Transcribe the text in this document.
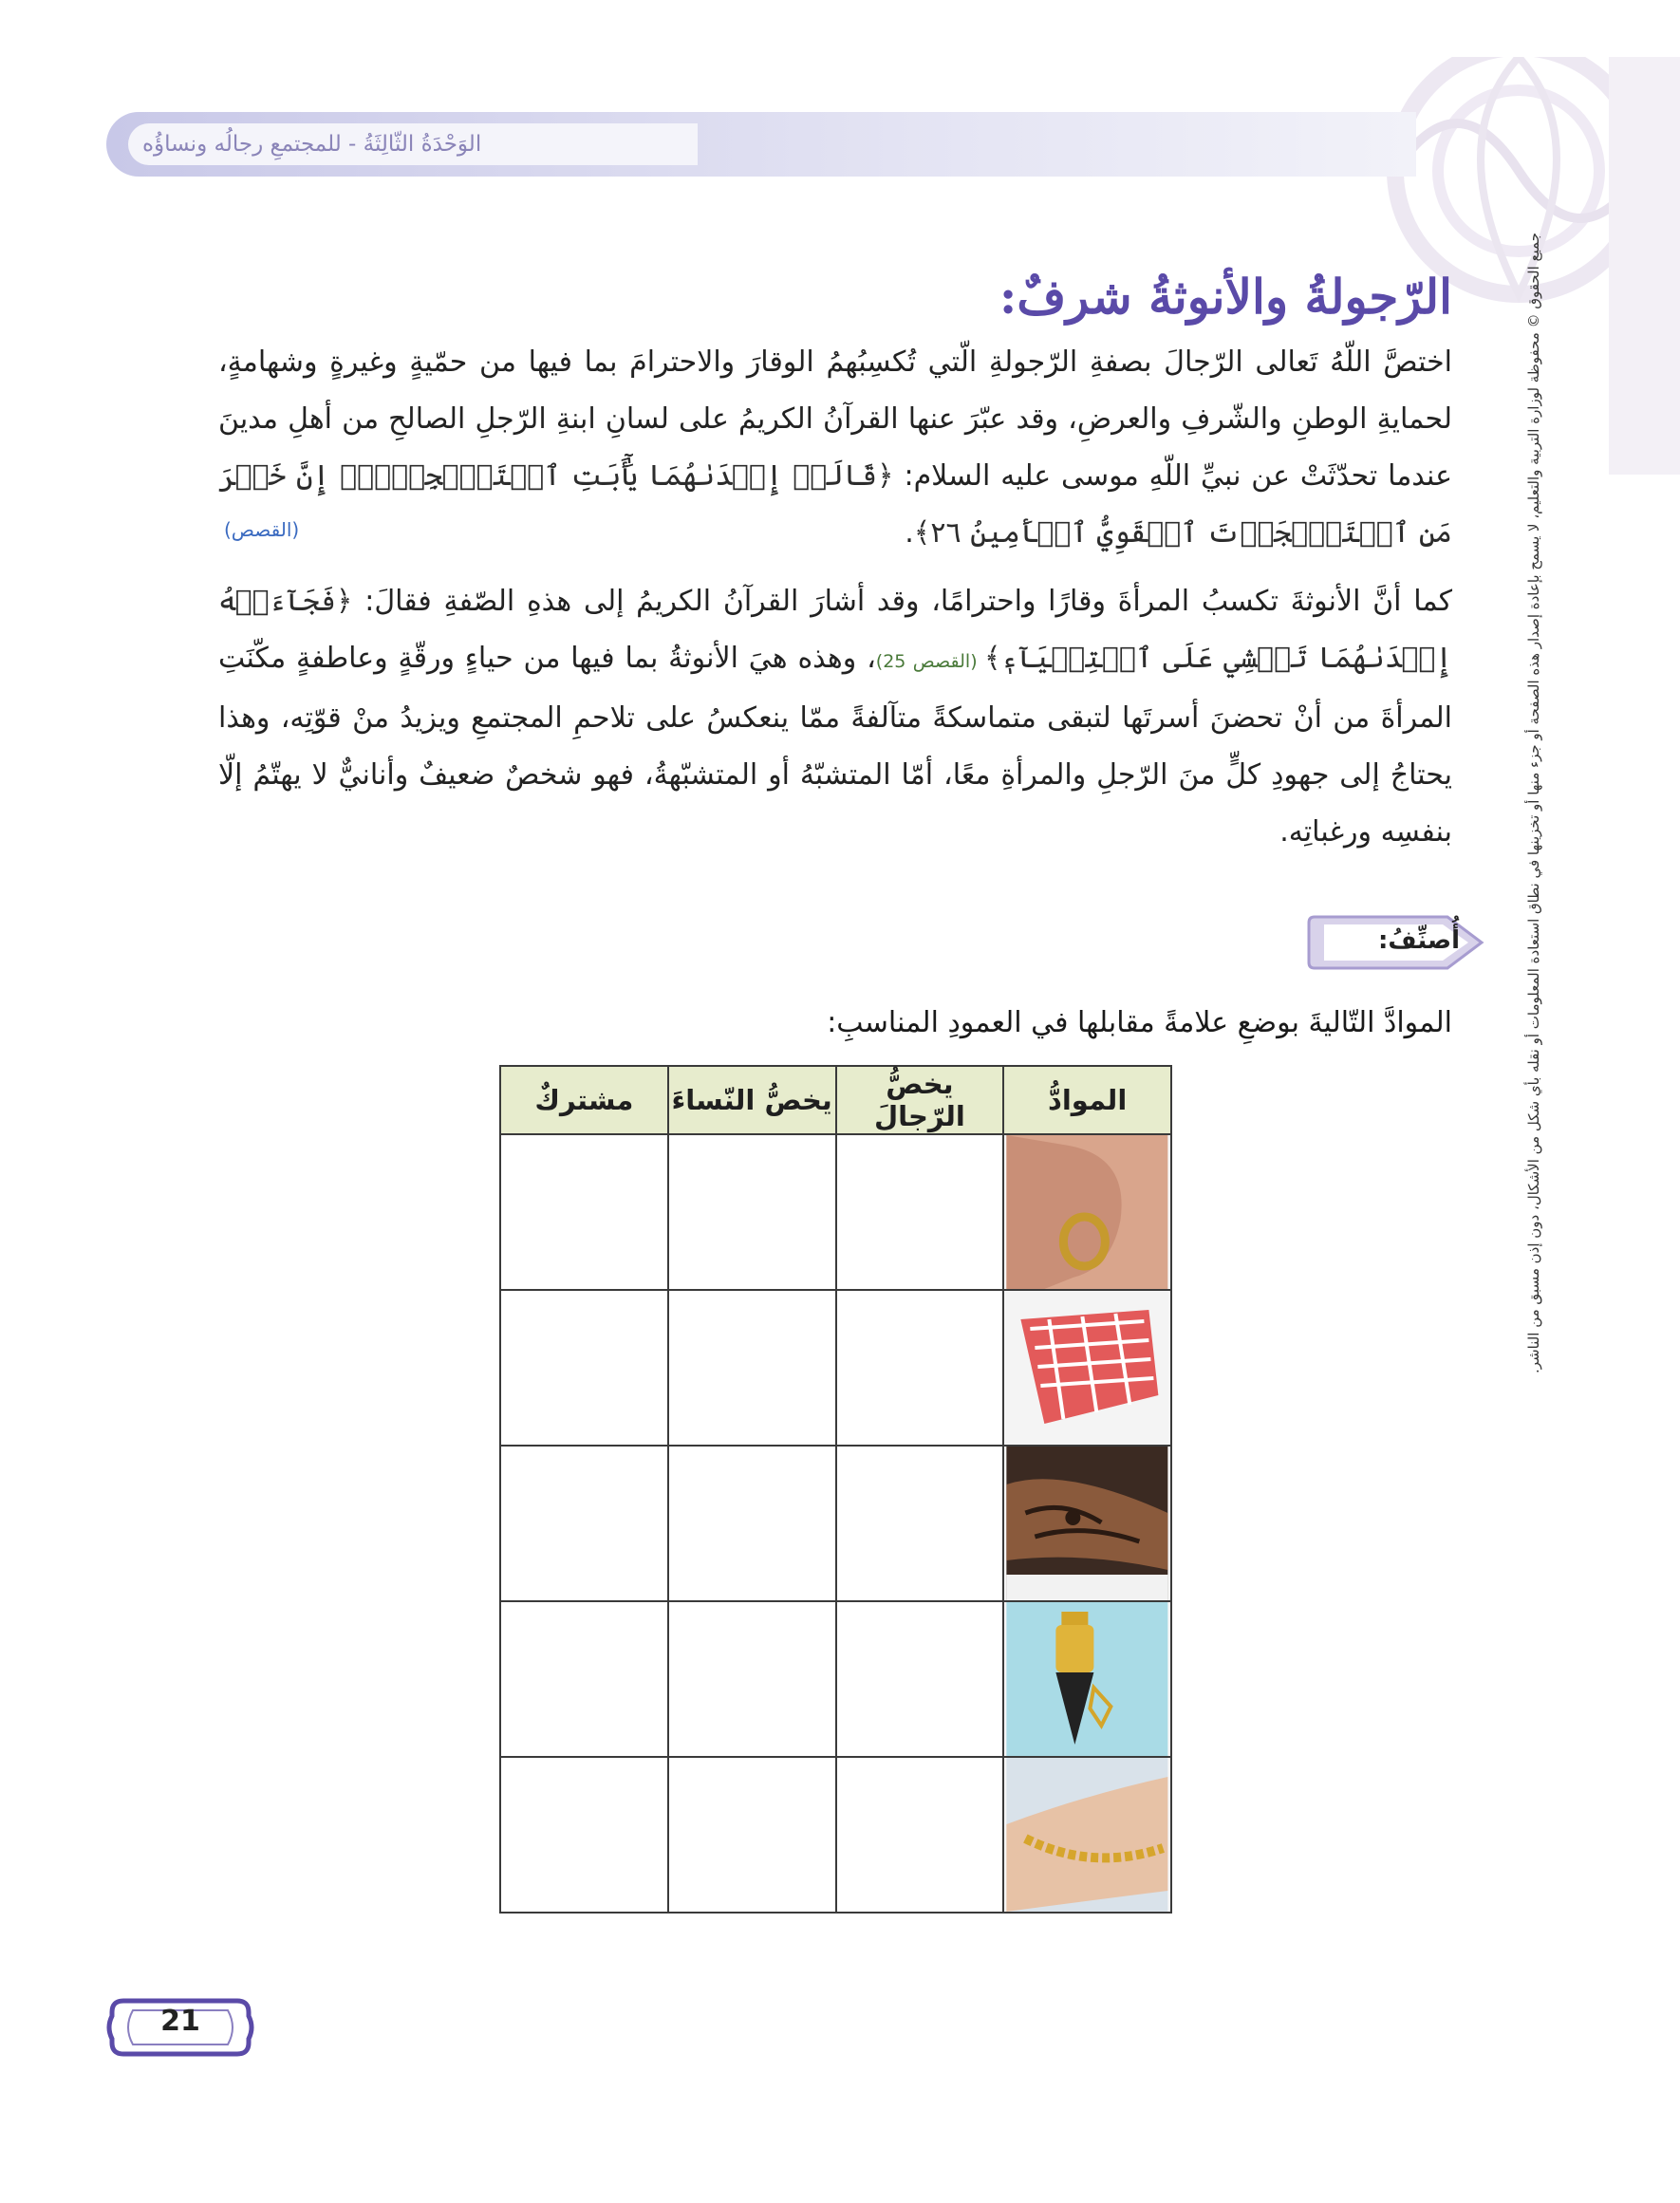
الوَحْدَةُ الثّالِثَةُ - للمجتمعِ رجالُه ونساؤُه
الرّجولةُ والأنوثةُ شرفٌ:
اختصَّ اللّهُ تَعالى الرّجالَ بصفةِ الرّجولةِ الّتي تُكسِبُهمُ الوقارَ والاحترامَ بما فيها من حمّيةٍ وغيرةٍ وشهامةٍ، لحمايةِ الوطنِ والشّرفِ والعرضِ، وقد عبّرَ عنها القرآنُ الكريمُ على لسانِ ابنةِ الرّجلِ الصالحِ من أهلِ مدينَ عندما تحدّثَتْ عن نبيِّ اللّهِ موسى عليه السلام: ﴿قَالَتۡ إِحۡدَىٰهُمَا يَٰٓأَبَتِ ٱسۡتَـٔۡجِرۡهُۖ إِنَّ خَيۡرَ مَنِ ٱسۡتَـٔۡجَرۡتَ ٱلۡقَوِيُّ ٱلۡأَمِينُ ٢٦﴾.
(القصص)
كما أنَّ الأنوثةَ تكسبُ المرأةَ وقارًا واحترامًا، وقد أشارَ القرآنُ الكريمُ إلى هذهِ الصّفةِ فقالَ: ﴿فَجَآءَتۡهُ إِحۡدَىٰهُمَا تَمۡشِي عَلَى ٱسۡتِحۡيَآءٖ﴾ (القصص 25)، وهذه هيَ الأنوثةُ بما فيها من حياءٍ ورقّةٍ وعاطفةٍ مكّنَتِ المرأةَ من أنْ تحضنَ أسرتَها لتبقى متماسكةً متآلفةً ممّا ينعكسُ على تلاحمِ المجتمعِ ويزيدُ منْ قوّتِه، وهذا يحتاجُ إلى جهودِ كلٍّ منَ الرّجلِ والمرأةِ معًا، أمّا المتشبّهُ أو المتشبّهةُ، فهو شخصٌ ضعيفٌ وأنانيٌّ لا يهتّمُ إلّا بنفسِه ورغباتِه.
أُصنِّفُ:
الموادَّ التّاليةَ بوضعِ علامةً مقابلها في العمودِ المناسبِ:
الموادُّ	يخصُّ الرّجالَ	يخصُّ النّساءَ	مشتركٌ

				جميع الحقوق © محفوظة لوزارة التربية والتعليم، لا يسمح بإعادة إصدار هذه الصفحة أو جزء منها أو تخزينها في نطاق استعادة المعلومات أو نقله بأي شكل من الأشكال، دون إذن مسبق من الناشر.
21
